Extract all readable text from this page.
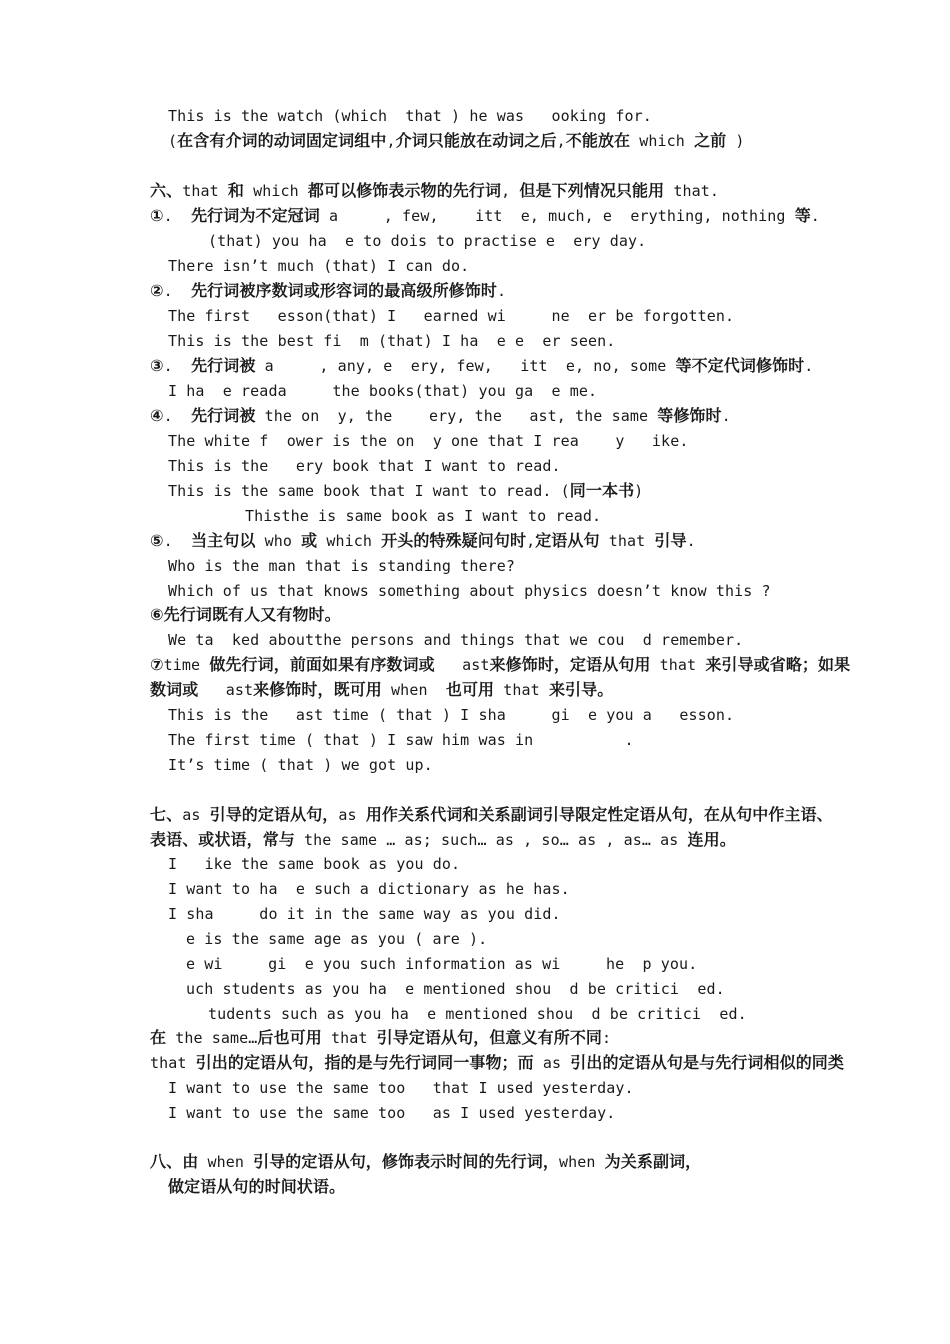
This is the watch (which  that ) he was   ooking for.
(在含有介词的动词固定词组中,介词只能放在动词之后,不能放在 which 之前 )
六、that 和 which 都可以修饰表示物的先行词, 但是下列情况只能用 that.
①.  先行词为不定冠词 a     , few,    itt  e, much, e  erything, nothing 等.
(that) you ha  e to dois to practise e  ery day.
There isn’t much (that) I can do.
②.  先行词被序数词或形容词的最高级所修饰时.
The first   esson(that) I   earned wi     ne  er be forgotten.
This is the best fi  m (that) I ha  e e  er seen.
③.  先行词被 a     , any, e  ery, few,   itt  e, no, some 等不定代词修饰时.
I ha  e reada     the books(that) you ga  e me.
④.  先行词被 the on  y, the    ery, the   ast, the same 等修饰时.
The white f  ower is the on  y one that I rea    y   ike.
This is the   ery book that I want to read.
This is the same book that I want to read. (同一本书)
Thisthe is same book as I want to read.
⑤.  当主句以 who 或 which 开头的特殊疑问句时,定语从句 that 引导.
Who is the man that is standing there?
Which of us that knows something about physics doesn’t know this ?
⑥先行词既有人又有物时。
We ta  ked aboutthe persons and things that we cou  d remember.
⑦time 做先行词，前面如果有序数词或   ast来修饰时，定语从句用 that 来引导或省略；如果
数词或   ast来修饰时，既可用 when  也可用 that 来引导。
This is the   ast time ( that ) I sha     gi  e you a   esson.
The first time ( that ) I saw him was in          .
It’s time ( that ) we got up.
七、as 引导的定语从句，as 用作关系代词和关系副词引导限定性定语从句，在从句中作主语、
表语、或状语，常与 the same … as; such… as , so… as , as… as 连用。
I   ike the same book as you do.
I want to ha  e such a dictionary as he has.
I sha     do it in the same way as you did.
e is the same age as you ( are ).
e wi     gi  e you such information as wi     he  p you.
uch students as you ha  e mentioned shou  d be critici  ed.
tudents such as you ha  e mentioned shou  d be critici  ed.
在 the same…后也可用 that 引导定语从句，但意义有所不同:
that 引出的定语从句，指的是与先行词同一事物；而 as 引出的定语从句是与先行词相似的同类
I want to use the same too   that I used yesterday.
I want to use the same too   as I used yesterday.
八、由 when 引导的定语从句，修饰表示时间的先行词，when 为关系副词，
做定语从句的时间状语。
